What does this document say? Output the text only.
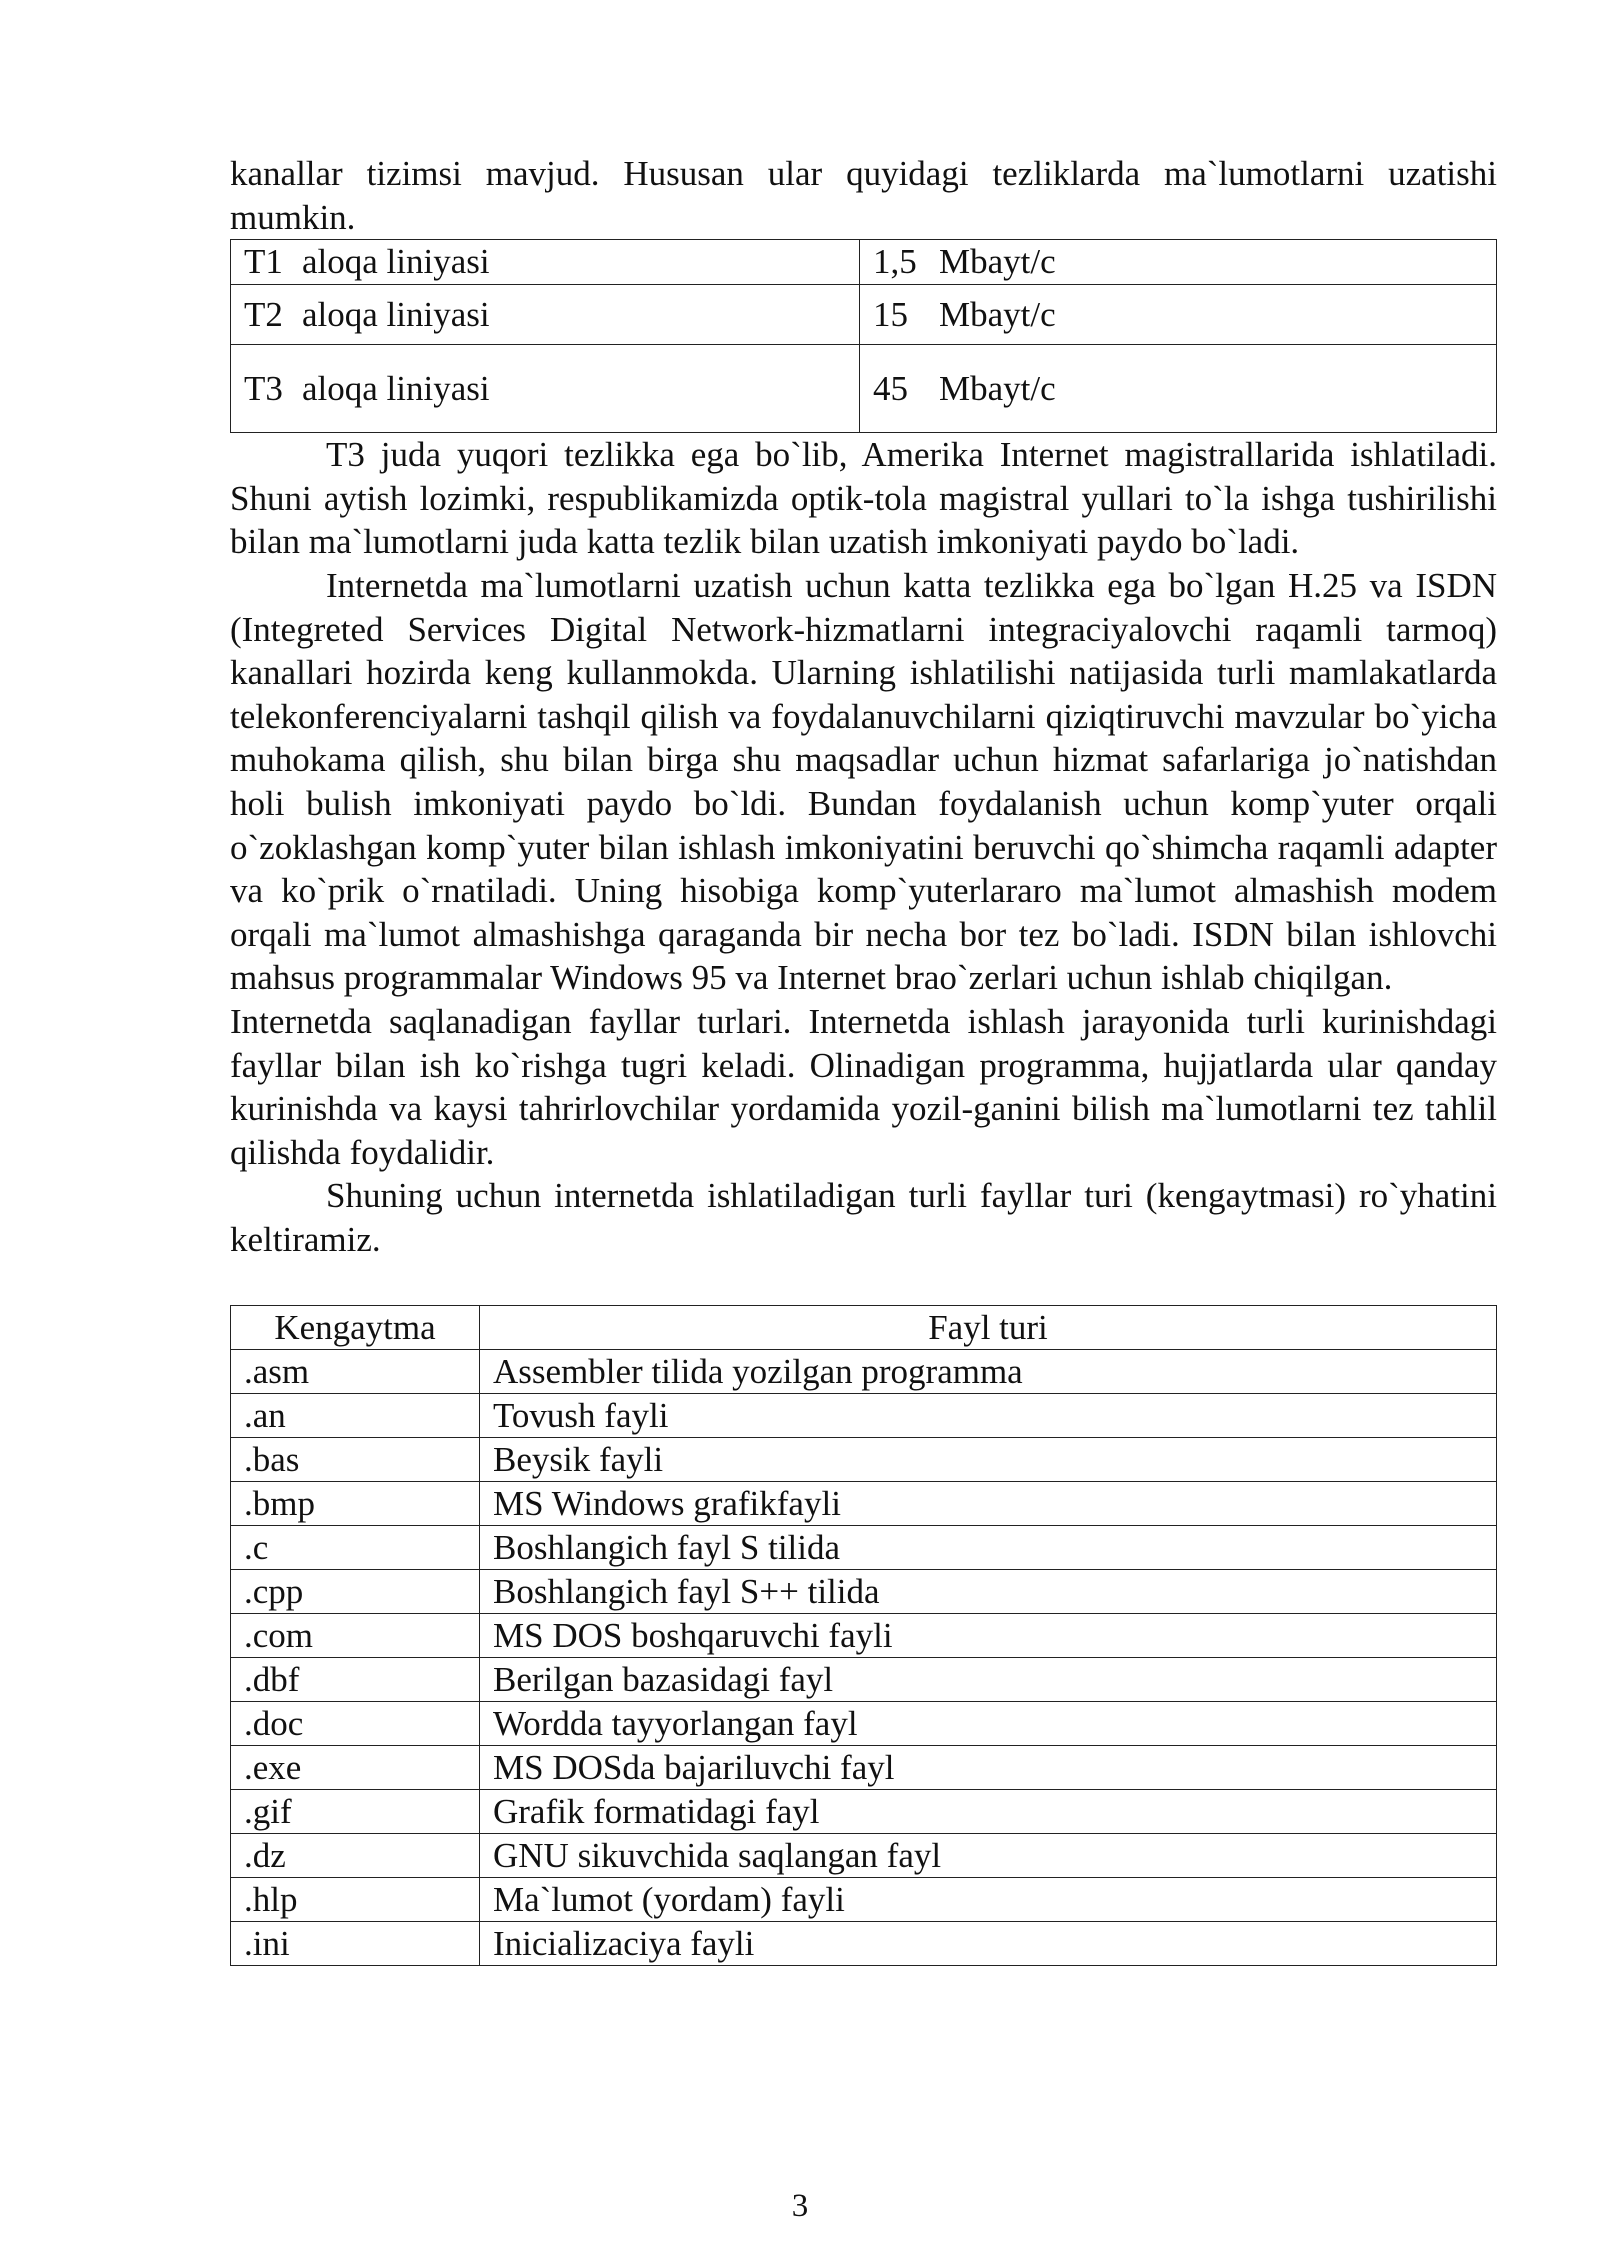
kanallar tizimsi mavjud. Hususan ular quyidagi tezliklarda ma`lumotlarni uzatishi mumkin.

T1 aloqa liniyasi	1,5 Mbayt/c
T2 aloqa liniyasi	15 Mbayt/c
T3 aloqa liniyasi	45 Mbayt/c

T3 juda yuqori tezlikka ega bo`lib, Amerika Internet magistrallarida ishlatiladi. Shuni aytish lozimki, respublikamizda optik-tola magistral yullari to`la ishga tushirilishi bilan ma`lumotlarni juda katta tezlik bilan uzatish imkoniyati paydo bo`ladi.

Internetda ma`lumotlarni uzatish uchun katta tezlikka ega bo`lgan H.25 va ISDN (Integreted Services Digital Network-hizmatlarni integraciyalovchi raqamli tarmoq) kanallari hozirda keng kullanmokda. Ularning ishlatilishi natijasida turli mamlakatlarda telekonferenciyalarni tashqil qilish va foydalanuvchilarni qiziqtiruvchi mavzular bo`yicha muhokama qilish, shu bilan birga shu maqsadlar uchun hizmat safarlariga jo`natishdan holi bulish imkoniyati paydo bo`ldi. Bundan foydalanish uchun komp`yuter orqali o`zoklashgan komp`yuter bilan ishlash imkoniyatini beruvchi qo`shimcha raqamli adapter va ko`prik o`rnatiladi. Uning hisobiga komp`yuterlararo ma`lumot almashish modem orqali ma`lumot almashishga qaraganda bir necha bor tez bo`ladi. ISDN bilan ishlovchi mahsus programmalar Windows 95 va Internet brao`zerlari uchun ishlab chiqilgan.

Internetda saqlanadigan fayllar turlari. Internetda ishlash jarayonida turli kurinishdagi fayllar bilan ish ko`rishga tugri keladi. Olinadigan programma, hujjatlarda ular qanday kurinishda va kaysi tahrirlovchilar yordamida yozil-ganini bilish ma`lumotlarni tez tahlil qilishda foydalidir.

Shuning uchun internetda ishlatiladigan turli fayllar turi (kengaytmasi) ro`yhatini keltiramiz.

Kengaytma	Fayl turi
.asm	Assembler tilida yozilgan programma
.an	Tovush fayli
.bas	Beysik fayli
.bmp	MS Windows grafikfayli
.c	Boshlangich fayl S tilida
.cpp	Boshlangich fayl S++ tilida
.com	MS DOS boshqaruvchi fayli
.dbf	Berilgan bazasidagi fayl
.doc	Wordda tayyorlangan fayl
.exe	MS DOSda bajariluvchi fayl
.gif	Grafik formatidagi fayl
.dz	GNU sikuvchida saqlangan fayl
.hlp	Ma`lumot (yordam) fayli
.ini	Inicializaciya fayli
3
